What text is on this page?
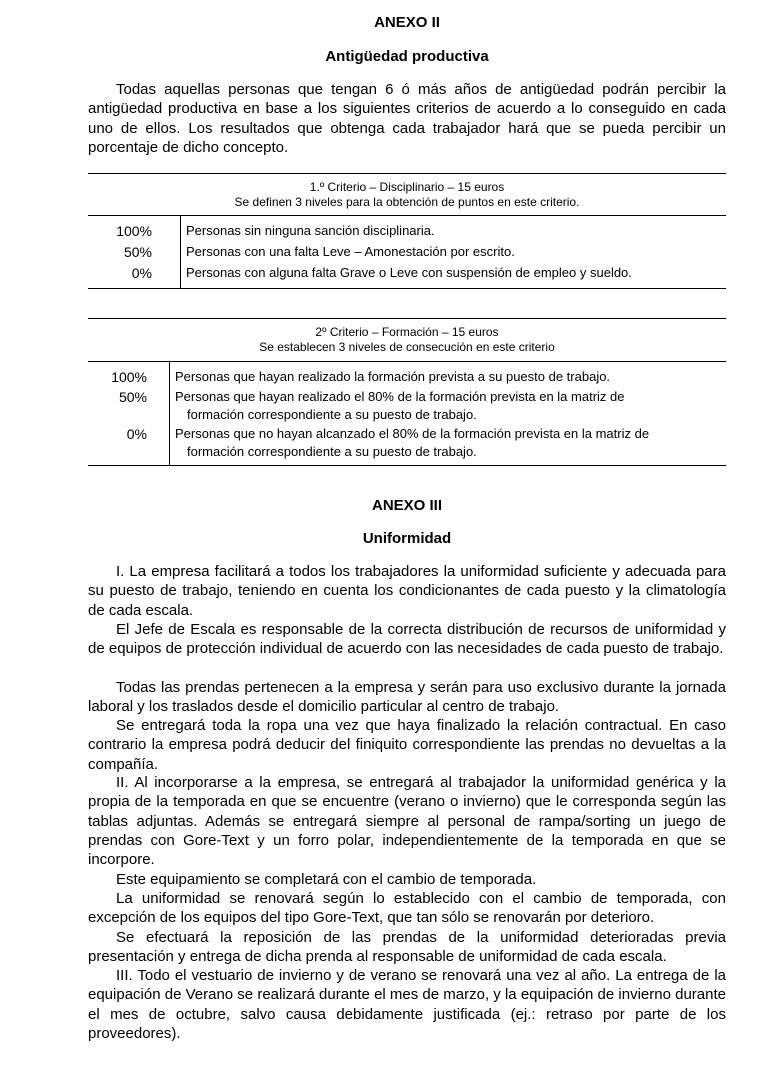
ANEXO II
Antigüedad productiva

Todas aquellas personas que tengan 6 ó más años de antigüedad podrán percibir la antigüedad productiva en base a los siguientes criterios de acuerdo a lo conseguido en cada uno de ellos. Los resultados que obtenga cada trabajador hará que se pueda percibir un porcentaje de dicho concepto.

1.º Criterio – Disciplinario – 15 euros
Se definen 3 niveles para la obtención de puntos en este criterio.
100%
50%
0%
Personas sin ninguna sanción disciplinaria.
Personas con una falta Leve – Amonestación por escrito.
Personas con alguna falta Grave o Leve con suspensión de empleo y sueldo.
2º Criterio – Formación – 15 euros
Se establecen 3 niveles de consecución en este criterio
100%
50%
0%
Personas que hayan realizado la formación prevista a su puesto de trabajo.
Personas que hayan realizado el 80% de la formación prevista en la matriz de
formación correspondiente a su puesto de trabajo.
Personas que no hayan alcanzado el 80% de la formación prevista en la matriz de
formación correspondiente a su puesto de trabajo.
ANEXO III
Uniformidad

I. La empresa facilitará a todos los trabajadores la uniformidad suficiente y adecuada para su puesto de trabajo, teniendo en cuenta los condicionantes de cada puesto y la climatología de cada escala.

El Jefe de Escala es responsable de la correcta distribución de recursos de uniformidad y de equipos de protección individual de acuerdo con las necesidades de cada puesto de trabajo.

Todas las prendas pertenecen a la empresa y serán para uso exclusivo durante la jornada laboral y los traslados desde el domicilio particular al centro de trabajo.

Se entregará toda la ropa una vez que haya finalizado la relación contractual. En caso contrario la empresa podrá deducir del finiquito correspondiente las prendas no devueltas a la compañía.

II. Al incorporarse a la empresa, se entregará al trabajador la uniformidad genérica y la propia de la temporada en que se encuentre (verano o invierno) que le corresponda según las tablas adjuntas. Además se entregará siempre al personal de rampa/sorting un juego de prendas con Gore-Text y un forro polar, independientemente de la temporada en que se incorpore.

Este equipamiento se completará con el cambio de temporada.

La uniformidad se renovará según lo establecido con el cambio de temporada, con excepción de los equipos del tipo Gore-Text, que tan sólo se renovarán por deterioro.

Se efectuará la reposición de las prendas de la uniformidad deterioradas previa presentación y entrega de dicha prenda al responsable de uniformidad de cada escala.

III. Todo el vestuario de invierno y de verano se renovará una vez al año. La entrega de la equipación de Verano se realizará durante el mes de marzo, y la equipación de invierno durante el mes de octubre, salvo causa debidamente justificada (ej.: retraso por parte de los proveedores).
